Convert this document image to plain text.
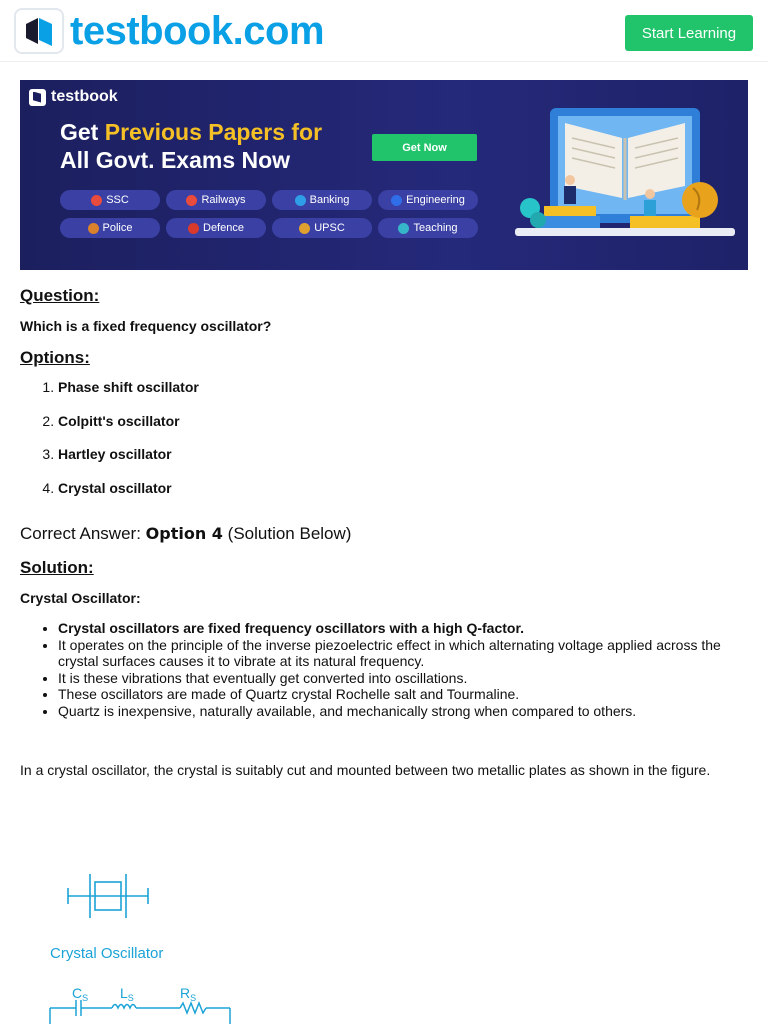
testbook.com	Start Learning
testbook
Get Previous Papers for
All Govt. Exams Now	Get Now
SSC	Railways	Banking	Engineering
Police	Defence	UPSC	Teaching
Question:
Which is a fixed frequency oscillator?
Options:
1. Phase shift oscillator
2. Colpitt's oscillator
3. Hartley oscillator
4. Crystal oscillator
Correct Answer: Option 4 (Solution Below)
Solution:
Crystal Oscillator:
• Crystal oscillators are fixed frequency oscillators with a high Q-factor.
• It operates on the principle of the inverse piezoelectric effect in which alternating voltage applied across the crystal surfaces causes it to vibrate at its natural frequency.
• It is these vibrations that eventually get converted into oscillations.
• These oscillators are made of Quartz crystal Rochelle salt and Tourmaline.
• Quartz is inexpensive, naturally available, and mechanically strong when compared to others.

In a crystal oscillator, the crystal is suitably cut and mounted between two metallic plates as shown in the figure.

Crystal Oscillator
$C_S$ $L_S$	$R_S$
